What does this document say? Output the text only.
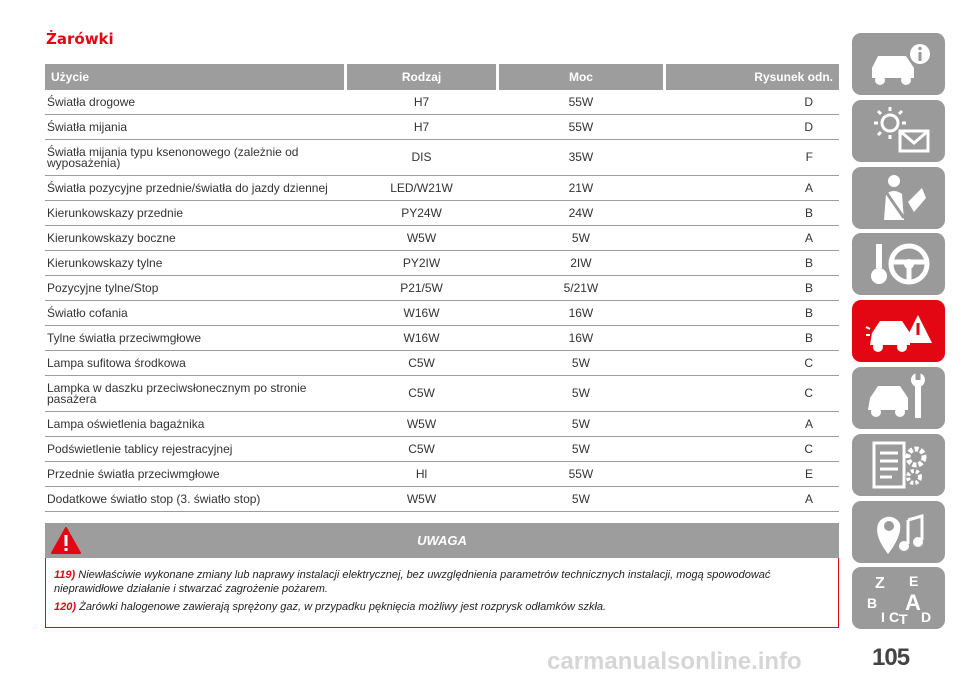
Żarówki
Użycie	Rodzaj	Moc	Rysunek odn.
Światła drogowe	H7	55W	D
Światła mijania	H7	55W	D
Światła mijania typu ksenonowego (zależnie od wyposażenia)	DIS	35W	F
Światła pozycyjne przednie/światła do jazdy dziennej	LED/W21W	21W	A
Kierunkowskazy przednie	PY24W	24W	B
Kierunkowskazy boczne	W5W	5W	A
Kierunkowskazy tylne	PY2IW	2IW	B
Pozycyjne tylne/Stop	P21/5W	5/21W	B
Światło cofania	W16W	16W	B
Tylne światła przeciwmgłowe	W16W	16W	B
Lampa sufitowa środkowa	C5W	5W	C
Lampka w daszku przeciwsłonecznym po stronie pasażera	C5W	5W	C
Lampa oświetlenia bagażnika	W5W	5W	A
Podświetlenie tablicy rejestracyjnej	C5W	5W	C
Przednie światła przeciwmgłowe	Hl	55W	E
Dodatkowe światło stop (3. światło stop)	W5W	5W	A
UWAGA

119) Niewłaściwie wykonane zmiany lub naprawy instalacji elektrycznej, bez uwzględnienia parametrów technicznych instalacji, mogą spowodować nieprawidłowe działanie i stwarzać zagrożenie pożarem.

120) Żarówki halogenowe zawierają sprężony gaz, w przypadku pęknięcia możliwy jest rozprysk odłamków szkła.

Z E
B A
I C T D
105
carmanualsonline.info
